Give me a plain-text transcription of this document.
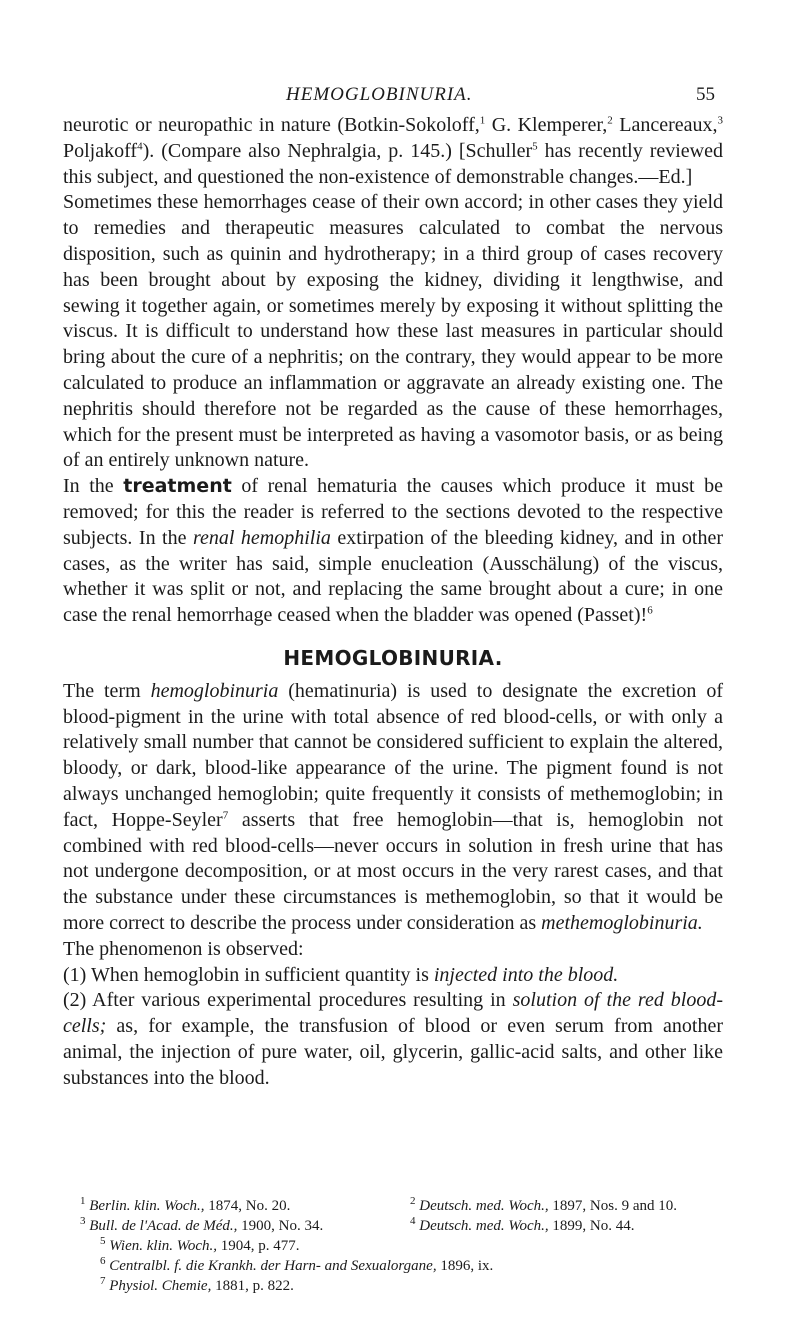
HEMOGLOBINURIA.	55

neurotic or neuropathic in nature (Botkin-Sokoloff,$^1$ G. Klemperer,$^2$ Lancereaux,$^3$ Poljakoff$^4$). (Compare also Nephralgia, p. 145.) [Schuller$^5$ has recently reviewed this subject, and questioned the non-existence of demonstrable changes.—Ed.]

Sometimes these hemorrhages cease of their own accord; in other cases they yield to remedies and therapeutic measures calculated to combat the nervous disposition, such as quinin and hydrotherapy; in a third group of cases recovery has been brought about by exposing the kidney, dividing it lengthwise, and sewing it together again, or sometimes merely by exposing it without splitting the viscus. It is difficult to understand how these last measures in particular should bring about the cure of a nephritis; on the contrary, they would appear to be more calculated to produce an inflammation or aggravate an already existing one. The nephritis should therefore not be regarded as the cause of these hemorrhages, which for the present must be interpreted as having a vasomotor basis, or as being of an entirely unknown nature.

In the treatment of renal hematuria the causes which produce it must be removed; for this the reader is referred to the sections devoted to the respective subjects. In the renal hemophilia extirpation of the bleeding kidney, and in other cases, as the writer has said, simple enucleation (Ausschälung) of the viscus, whether it was split or not, and replacing the same brought about a cure; in one case the renal hemorrhage ceased when the bladder was opened (Passet)!$^6$

HEMOGLOBINURIA.

The term hemoglobinuria (hematinuria) is used to designate the excretion of blood-pigment in the urine with total absence of red blood-cells, or with only a relatively small number that cannot be considered sufficient to explain the altered, bloody, or dark, blood-like appearance of the urine. The pigment found is not always unchanged hemoglobin; quite frequently it consists of methemoglobin; in fact, Hoppe-Seyler$^7$ asserts that free hemoglobin—that is, hemoglobin not combined with red blood-cells—never occurs in solution in fresh urine that has not undergone decomposition, or at most occurs in the very rarest cases, and that the substance under these circumstances is methemoglobin, so that it would be more correct to describe the process under consideration as methemoglobinuria.

The phenomenon is observed:

(1) When hemoglobin in sufficient quantity is injected into the blood.

(2) After various experimental procedures resulting in solution of the red blood-cells; as, for example, the transfusion of blood or even serum from another animal, the injection of pure water, oil, glycerin, gallic-acid salts, and other like substances into the blood.

$^1$ Berlin. klin. Woch., 1874, No. 20.	$^2$ Deutsch. med. Woch., 1897, Nos. 9 and 10.
$^3$ Bull. de l'Acad. de Méd., 1900, No. 34.	$^4$ Deutsch. med. Woch., 1899, No. 44.
$^5$ Wien. klin. Woch., 1904, p. 477.
$^6$ Centralbl. f. die Krankh. der Harn- and Sexualorgane, 1896, ix.
$^7$ Physiol. Chemie, 1881, p. 822.
